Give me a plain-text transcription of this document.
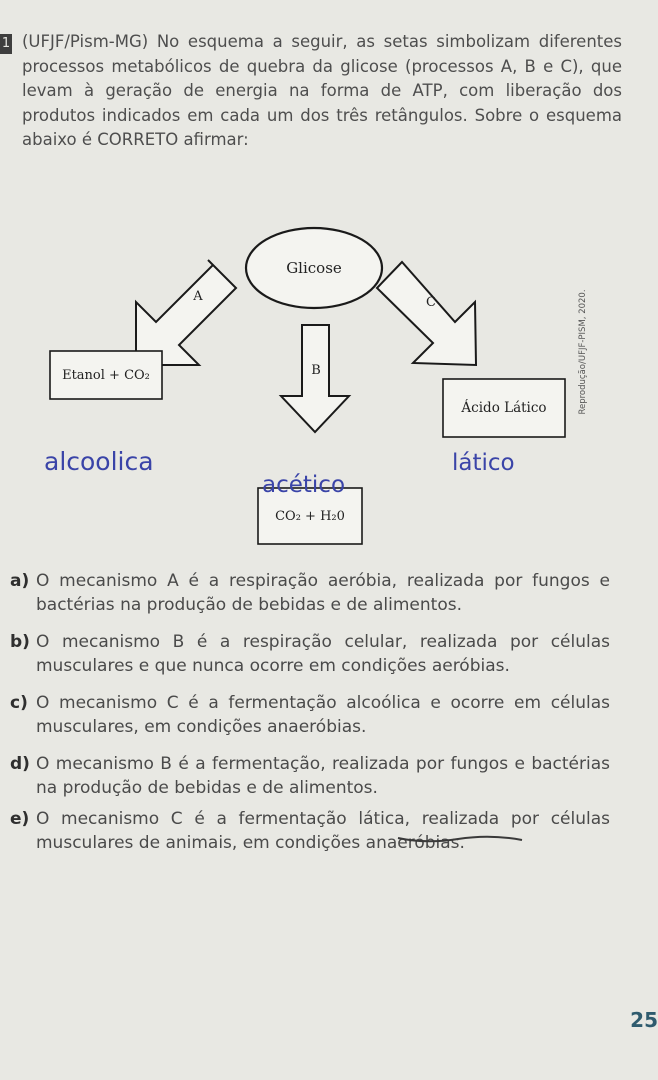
1 (UFJF/Pism-MG) No esquema a seguir, as setas simbolizam diferentes processos metabólicos de quebra da glicose (processos A, B e C), que levam à geração de energia na forma de ATP, com liberação dos produtos indicados em cada um dos três retângulos. Sobre o esquema abaixo é CORRETO afirmar:

Glicose
A
B
C
Etanol + CO₂
Ácido Lático
CO₂ + H₂0
alcoolica
acético
lático
Reprodução/UFJF-PISM, 2020.
a) O mecanismo A é a respiração aeróbia, realizada por fungos e bactérias na produção de bebidas e de alimentos.
b) O mecanismo B é a respiração celular, realizada por células musculares e que nunca ocorre em condições aeróbias.
c) O mecanismo C é a fermentação alcoólica e ocorre em células musculares, em condições anaeróbias.
d) O mecanismo B é a fermentação, realizada por fungos e bactérias na produção de bebidas e de alimentos.
e) O mecanismo C é a fermentação lática, realizada por células musculares de animais, em condições anaeróbias.
25
